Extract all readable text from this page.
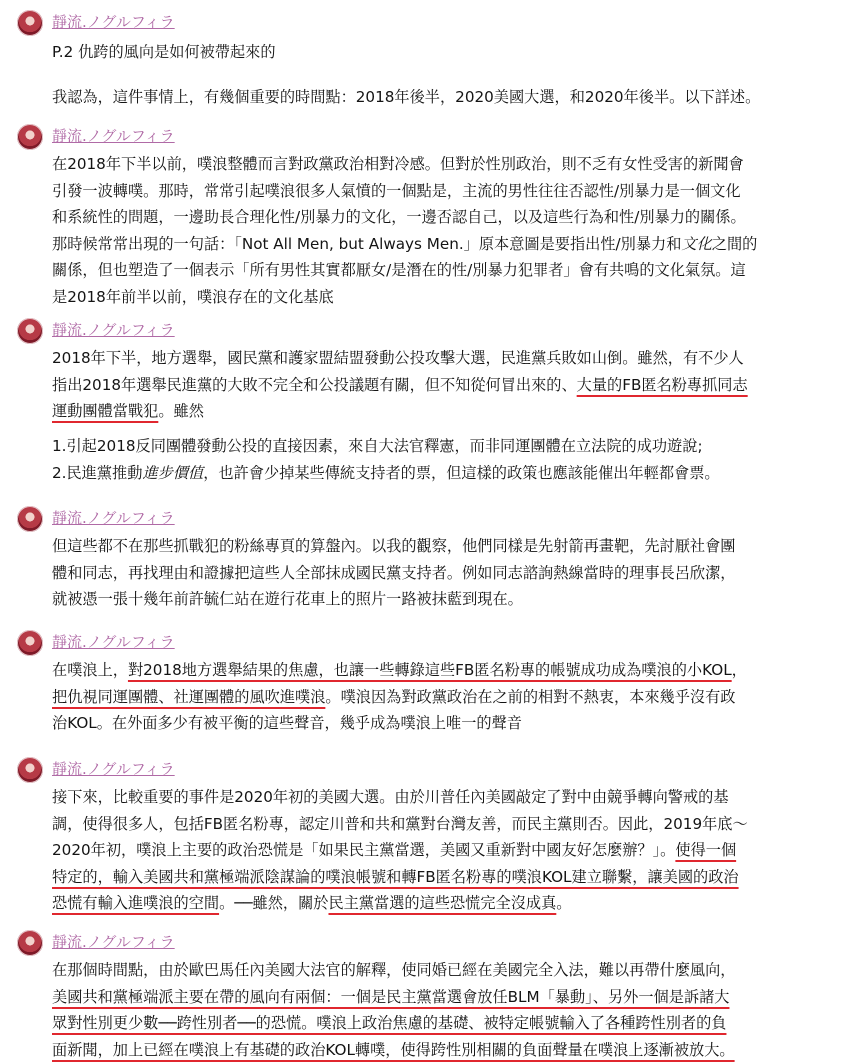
靜流.ノグルフィラ
P.2 仇跨的風向是如何被帶起來的
我認為，這件事情上，有幾個重要的時間點：2018年後半，2020美國大選，和2020年後半。以下詳述。
靜流.ノグルフィラ
在2018年下半以前，噗浪整體而言對政黨政治相對冷感。但對於性別政治，則不乏有女性受害的新聞會
引發一波轉噗。那時，常常引起噗浪很多人氣憤的一個點是，主流的男性往往否認性/別暴力是一個文化
和系統性的問題，一邊助長合理化性/別暴力的文化，一邊否認自己，以及這些行為和性/別暴力的關係。
那時候常常出現的一句話：「Not All Men, but Always Men.」原本意圖是要指出性/別暴力和文化之間的
關係，但也塑造了一個表示「所有男性其實都厭女/是潛在的性/別暴力犯罪者」會有共鳴的文化氣氛。這
是2018年前半以前，噗浪存在的文化基底
靜流.ノグルフィラ
2018年下半，地方選舉，國民黨和護家盟結盟發動公投攻擊大選，民進黨兵敗如山倒。雖然，有不少人
指出2018年選舉民進黨的大敗不完全和公投議題有關，但不知從何冒出來的、大量的FB匿名粉專抓同志
運動團體當戰犯。雖然
1.引起2018反同團體發動公投的直接因素，來自大法官釋憲，而非同運團體在立法院的成功遊說;
2.民進黨推動進步價值，也許會少掉某些傳統支持者的票，但這樣的政策也應該能催出年輕都會票。
靜流.ノグルフィラ
但這些都不在那些抓戰犯的粉絲專頁的算盤內。以我的觀察，他們同樣是先射箭再畫靶，先討厭社會團
體和同志，再找理由和證據把這些人全部抹成國民黨支持者。例如同志諮詢熱線當時的理事長呂欣潔，
就被憑一張十幾年前許毓仁站在遊行花車上的照片一路被抹藍到現在。
靜流.ノグルフィラ
在噗浪上，對2018地方選舉結果的焦慮，也讓一些轉錄這些FB匿名粉專的帳號成功成為噗浪的小KOL，
把仇視同運團體、社運團體的風吹進噗浪。噗浪因為對政黨政治在之前的相對不熱衷，本來幾乎沒有政
治KOL。在外面多少有被平衡的這些聲音，幾乎成為噗浪上唯一的聲音
靜流.ノグルフィラ
接下來，比較重要的事件是2020年初的美國大選。由於川普任內美國敲定了對中由競爭轉向警戒的基
調，使得很多人，包括FB匿名粉專，認定川普和共和黨對台灣友善，而民主黨則否。因此，2019年底～
2020年初，噗浪上主要的政治恐慌是「如果民主黨當選，美國又重新對中國友好怎麼辦？」。使得一個
特定的，輸入美國共和黨極端派陰謀論的噗浪帳號和轉FB匿名粉專的噗浪KOL建立聯繫，讓美國的政治
恐慌有輸入進噗浪的空間。──雖然，關於民主黨當選的這些恐慌完全沒成真。
靜流.ノグルフィラ
在那個時間點，由於歐巴馬任內美國大法官的解釋，使同婚已經在美國完全入法，難以再帶什麼風向，
美國共和黨極端派主要在帶的風向有兩個：一個是民主黨當選會放任BLM「暴動」、另外一個是訴諸大
眾對性別更少數──跨性別者──的恐慌。噗浪上政治焦慮的基礎、被特定帳號輸入了各種跨性別者的負
面新聞，加上已經在噗浪上有基礎的政治KOL轉噗，使得跨性別相關的負面聲量在噗浪上逐漸被放大。
